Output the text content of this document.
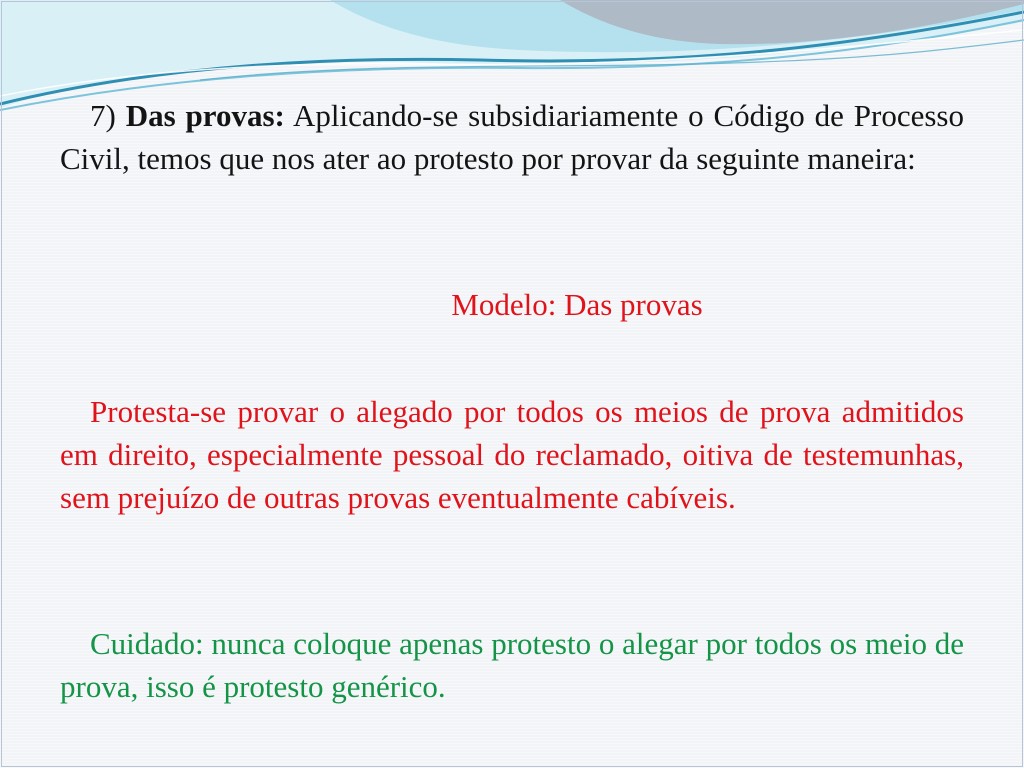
7) Das provas: Aplicando-se subsidiariamente o Código de Processo Civil, temos que nos ater ao protesto por provar da seguinte maneira:

Modelo: Das provas

Protesta-se provar o alegado por todos os meios de prova admitidos em direito, especialmente pessoal do reclamado, oitiva de testemunhas, sem prejuízo de outras provas eventualmente cabíveis.

Cuidado: nunca coloque apenas protesto o alegar por todos os meio de prova, isso é protesto genérico.
